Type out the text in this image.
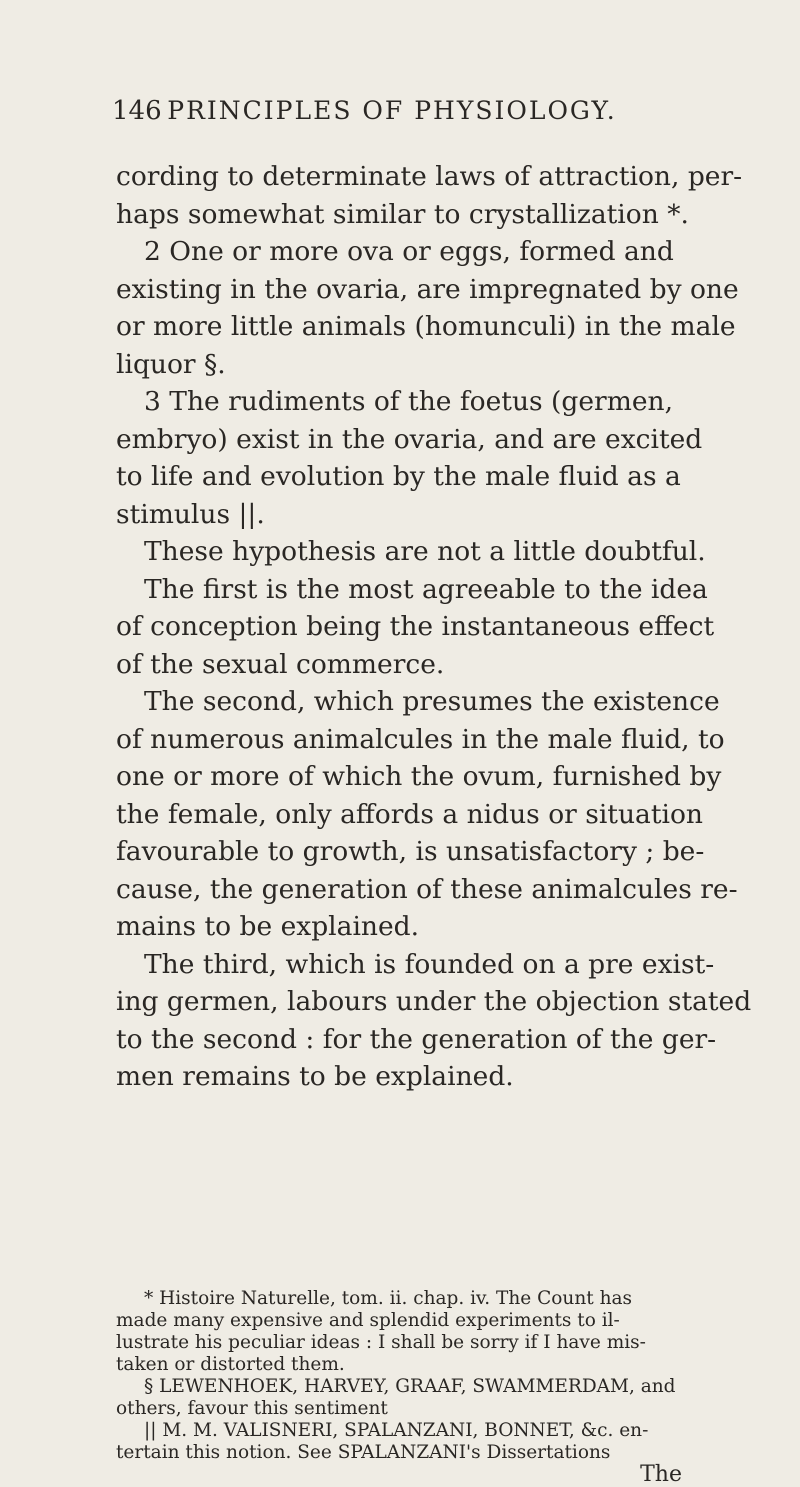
146 PRINCIPLES OF PHYSIOLOGY.
cording to determinate laws of attraction, per-
haps somewhat similar to crystallization *.
2 One or more ova or eggs, formed and
existing in the ovaria, are impregnated by one
or more little animals (homunculi) in the male
liquor §.
3 The rudiments of the foetus (germen,
embryo) exist in the ovaria, and are excited
to life and evolution by the male fluid as a
stimulus ||.
These hypothesis are not a little doubtful.
The first is the most agreeable to the idea
of conception being the instantaneous effect
of the sexual commerce.
The second, which presumes the existence
of numerous animalcules in the male fluid, to
one or more of which the ovum, furnished by
the female, only affords a nidus or situation
favourable to growth, is unsatisfactory ; be-
cause, the generation of these animalcules re-
mains to be explained.
The third, which is founded on a pre exist-
ing germen, labours under the objection stated
to the second : for the generation of the ger-
men remains to be explained.
* Histoire Naturelle, tom. ii. chap. iv. The Count has
made many expensive and splendid experiments to il-
lustrate his peculiar ideas : I shall be sorry if I have mis-
taken or distorted them.
§ LEWENHOEK, HARVEY, GRAAF, SWAMMERDAM, and
others, favour this sentiment
|| M. M. VALISNERI, SPALANZANI, BONNET, &c. en-
tertain this notion. See SPALANZANI's Dissertations
The
